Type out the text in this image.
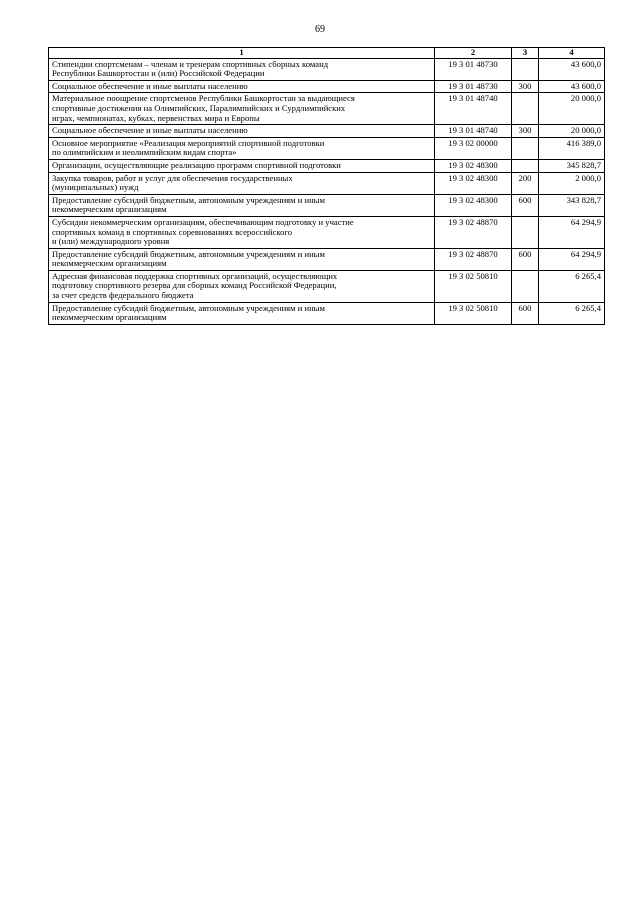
69
1	2	3	4
Стипендии спортсменам – членам и тренерам спортивных сборных команд
Республики Башкортостан и (или) Российской Федерации	19 3 01 48730		43 600,0
Социальное обеспечение и иные выплаты населению	19 3 01 48730	300	43 600,0
Материальное поощрение спортсменов Республики Башкортостан за выдающиеся
спортивные достижения на Олимпийских, Паралимпийских и Сурдлимпийских
играх, чемпионатах, кубках, первенствах мира и Европы	19 3 01 48740		20 000,0
Социальное обеспечение и иные выплаты населению	19 3 01 48740	300	20 000,0
Основное мероприятие «Реализация мероприятий спортивной подготовки
по олимпийским и неолимпийским видам спорта»	19 3 02 00000		416 389,0
Организации, осуществляющие реализацию программ спортивной подготовки	19 3 02 48300		345 828,7
Закупка товаров, работ и услуг для обеспечения государственных
(муниципальных) нужд	19 3 02 48300	200	2 000,0
Предоставление субсидий бюджетным, автономным учреждениям и иным
некоммерческим организациям	19 3 02 48300	600	343 828,7
Субсидии некоммерческим организациям, обеспечивающим подготовку и участие
спортивных команд в спортивных соревнованиях всероссийского
и (или) международного уровня	19 3 02 48870		64 294,9
Предоставление субсидий бюджетным, автономным учреждениям и иным
некоммерческим организациям	19 3 02 48870	600	64 294,9
Адресная финансовая поддержка спортивных организаций, осуществляющих
подготовку спортивного резерва для сборных команд Российской Федерации,
за счет средств федерального бюджета	19 3 02 50810		6 265,4
Предоставление субсидий бюджетным, автономным учреждениям и иным
некоммерческим организациям	19 3 02 50810	600	6 265,4
